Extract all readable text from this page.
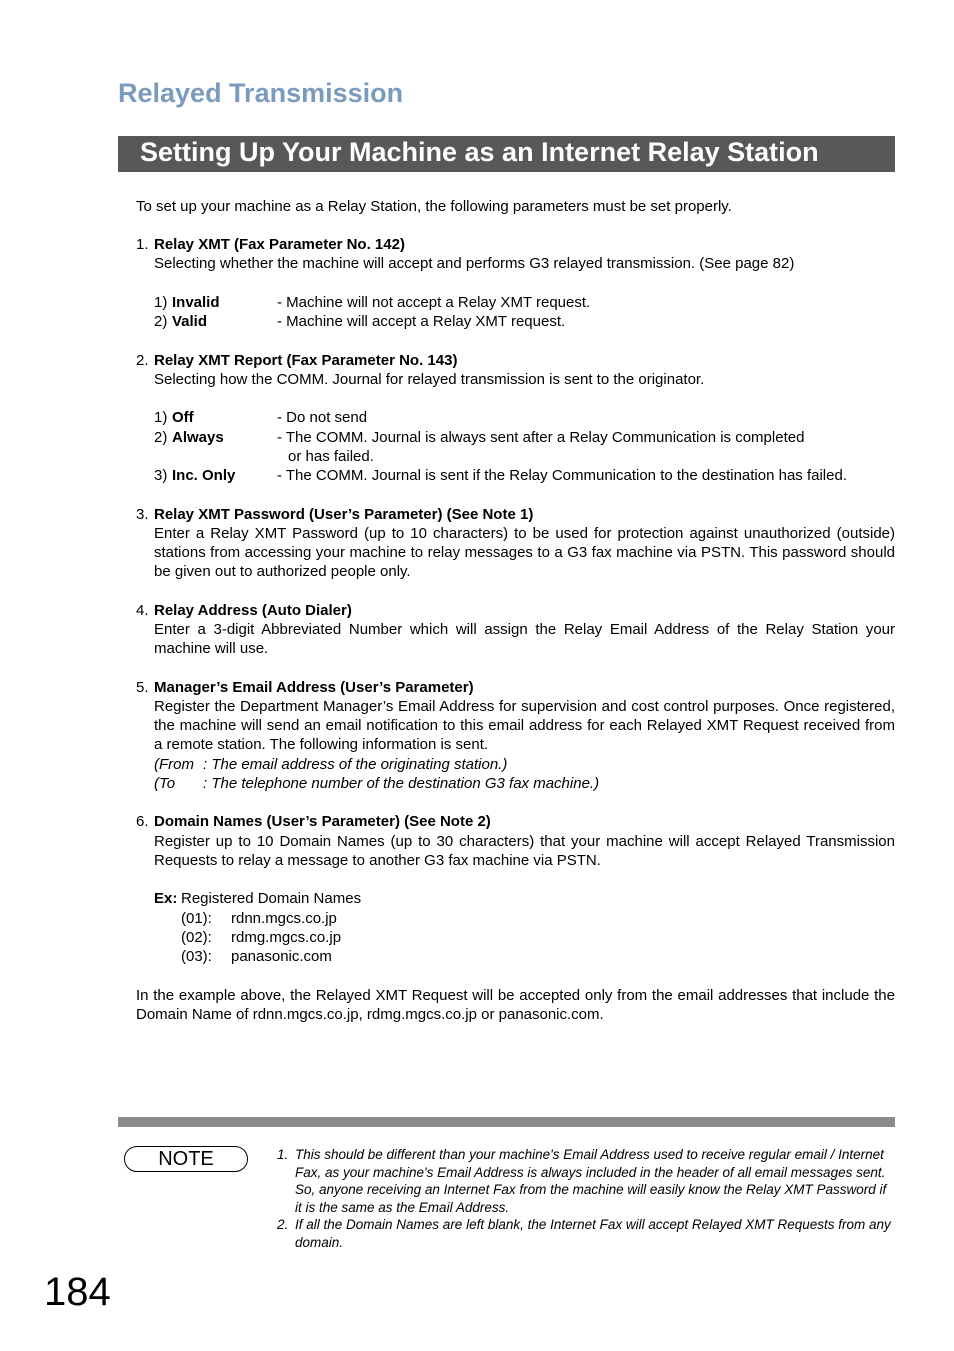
Relayed Transmission
Setting Up Your Machine as an Internet Relay Station
To set up your machine as a Relay Station, the following parameters must be set properly.
1. Relay XMT (Fax Parameter No. 142)
Selecting whether the machine will accept and performs G3 relayed transmission. (See page 82)
1) Invalid	- Machine will not accept a Relay XMT request.
2) Valid	- Machine will accept a Relay XMT request.
2. Relay XMT Report (Fax Parameter No. 143)
Selecting how the COMM. Journal for relayed transmission is sent to the originator.
1) Off	- Do not send
2) Always	- The COMM. Journal is always sent after a Relay Communication is completed
or has failed.
3) Inc. Only	- The COMM. Journal is sent if the Relay Communication to the destination has failed.
3. Relay XMT Password (User’s Parameter) (See Note 1)
Enter a Relay XMT Password (up to 10 characters) to be used for protection against unauthorized (outside) stations from accessing your machine to relay messages to a G3 fax machine via PSTN. This password should be given out to authorized people only.
4. Relay Address (Auto Dialer)
Enter a 3-digit Abbreviated Number which will assign the Relay Email Address of the Relay Station your machine will use.
5. Manager’s Email Address (User’s Parameter)
Register the Department Manager’s Email Address for supervision and cost control purposes. Once registered, the machine will send an email notification to this email address for each Relayed XMT Request received from a remote station. The following information is sent.
(From : The email address of the originating station.)
(To : The telephone number of the destination G3 fax machine.)
6. Domain Names (User’s Parameter) (See Note 2)
Register up to 10 Domain Names (up to 30 characters) that your machine will accept Relayed Transmission Requests to relay a message to another G3 fax machine via PSTN.
Ex: Registered Domain Names
(01): rdnn.mgcs.co.jp
(02): rdmg.mgcs.co.jp
(03): panasonic.com
In the example above, the Relayed XMT Request will be accepted only from the email addresses that include the Domain Name of rdnn.mgcs.co.jp, rdmg.mgcs.co.jp or panasonic.com.
NOTE	1. This should be different than your machine's Email Address used to receive regular email / Internet Fax, as your machine's Email Address is always included in the header of all email messages sent. So, anyone receiving an Internet Fax from the machine will easily know the Relay XMT Password if it is the same as the Email Address.
2. If all the Domain Names are left blank, the Internet Fax will accept Relayed XMT Requests from any domain.
184
